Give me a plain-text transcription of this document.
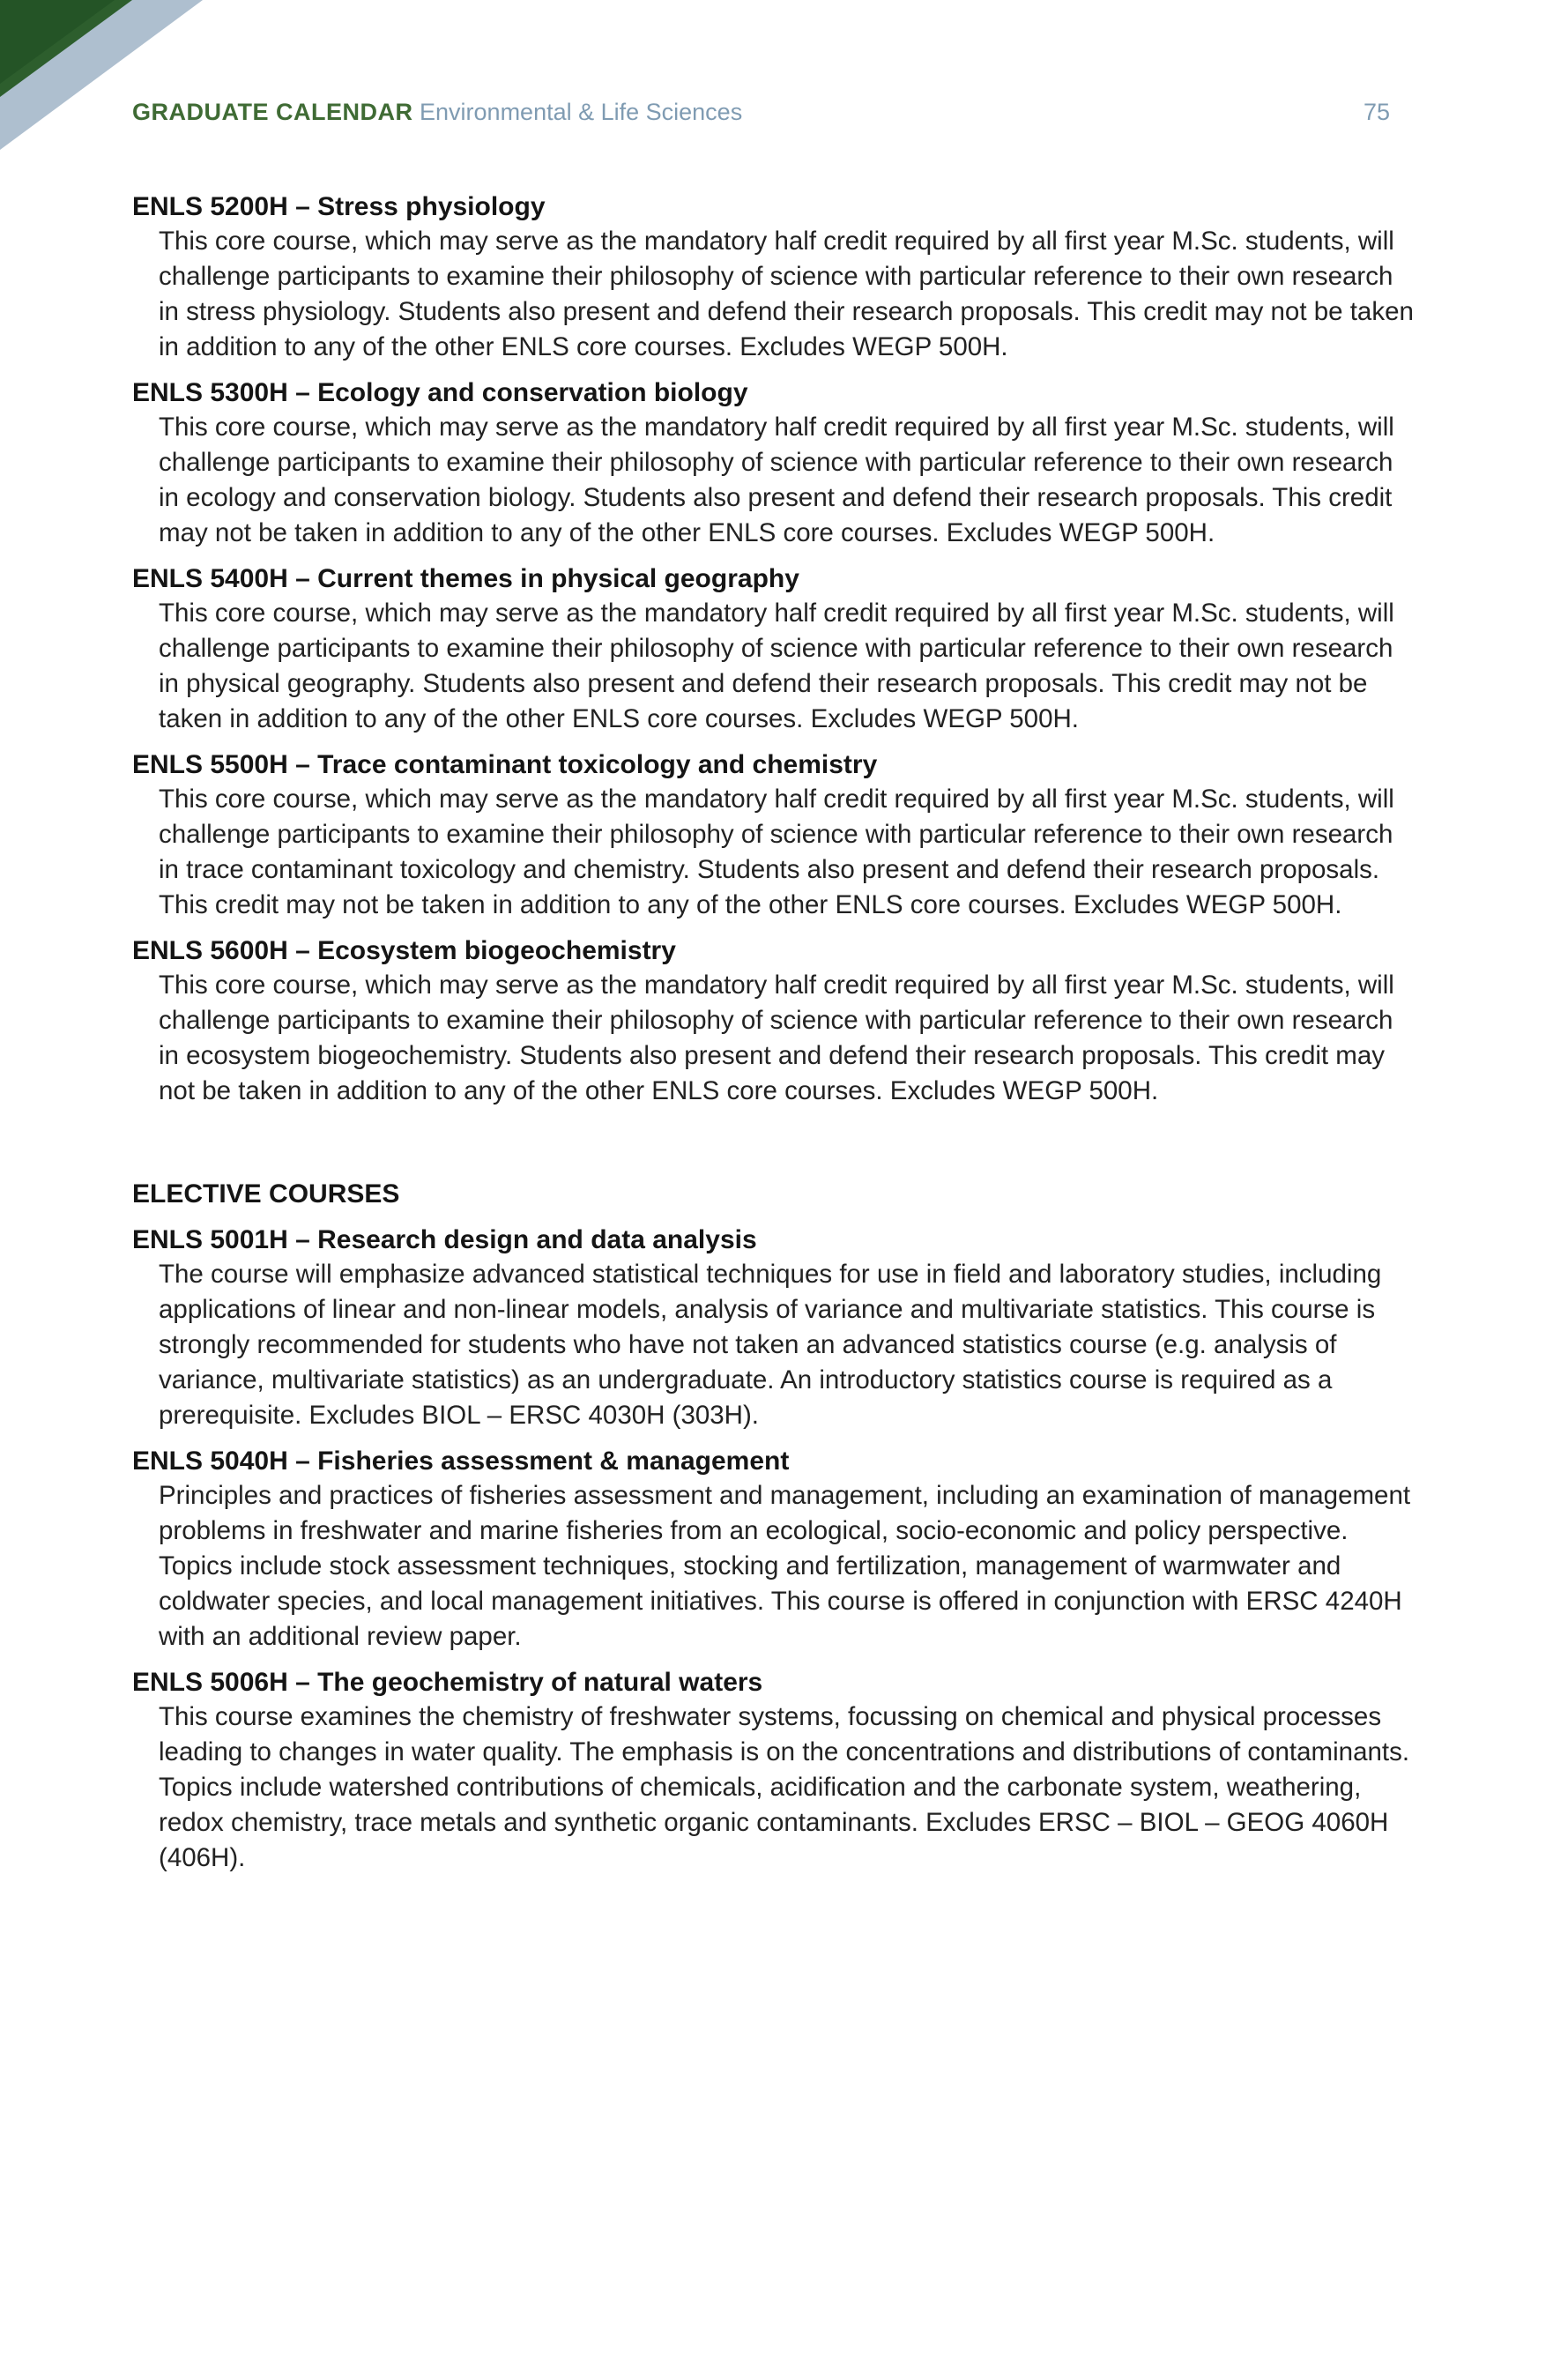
GRADUATE CALENDAR Environmental & Life Sciences	75
ENLS 5200H – Stress physiology
This core course, which may serve as the mandatory half credit required by all first year M.Sc. students, will challenge participants to examine their philosophy of science with particular reference to their own research in stress physiology. Students also present and defend their research proposals. This credit may not be taken in addition to any of the other ENLS core courses. Excludes WEGP 500H.
ENLS 5300H – Ecology and conservation biology
This core course, which may serve as the mandatory half credit required by all first year M.Sc. students, will challenge participants to examine their philosophy of science with particular reference to their own research in ecology and conservation biology. Students also present and defend their research proposals. This credit may not be taken in addition to any of the other ENLS core courses. Excludes WEGP 500H.
ENLS 5400H – Current themes in physical geography
This core course, which may serve as the mandatory half credit required by all first year M.Sc. students, will challenge participants to examine their philosophy of science with particular reference to their own research in physical geography. Students also present and defend their research proposals. This credit may not be taken in addition to any of the other ENLS core courses. Excludes WEGP 500H.
ENLS 5500H – Trace contaminant toxicology and chemistry
This core course, which may serve as the mandatory half credit required by all first year M.Sc. students, will challenge participants to examine their philosophy of science with particular reference to their own research in trace contaminant toxicology and chemistry. Students also present and defend their research proposals. This credit may not be taken in addition to any of the other ENLS core courses. Excludes WEGP 500H.
ENLS 5600H – Ecosystem biogeochemistry
This core course, which may serve as the mandatory half credit required by all first year M.Sc. students, will challenge participants to examine their philosophy of science with particular reference to their own research in ecosystem biogeochemistry. Students also present and defend their research proposals. This credit may not be taken in addition to any of the other ENLS core courses. Excludes WEGP 500H.
ELECTIVE COURSES
ENLS 5001H – Research design and data analysis
The course will emphasize advanced statistical techniques for use in field and laboratory studies, including applications of linear and non-linear models, analysis of variance and multivariate statistics. This course is strongly recommended for students who have not taken an advanced statistics course (e.g. analysis of variance, multivariate statistics) as an undergraduate. An introductory statistics course is required as a prerequisite. Excludes BIOL – ERSC 4030H (303H).
ENLS 5040H – Fisheries assessment & management
Principles and practices of fisheries assessment and management, including an examination of management problems in freshwater and marine fisheries from an ecological, socio-economic and policy perspective. Topics include stock assessment techniques, stocking and fertilization, management of warmwater and coldwater species, and local management initiatives. This course is offered in conjunction with ERSC 4240H with an additional review paper.
ENLS 5006H – The geochemistry of natural waters
This course examines the chemistry of freshwater systems, focussing on chemical and physical processes leading to changes in water quality. The emphasis is on the concentrations and distributions of contaminants. Topics include watershed contributions of chemicals, acidification and the carbonate system, weathering, redox chemistry, trace metals and synthetic organic contaminants. Excludes ERSC – BIOL – GEOG 4060H (406H).
